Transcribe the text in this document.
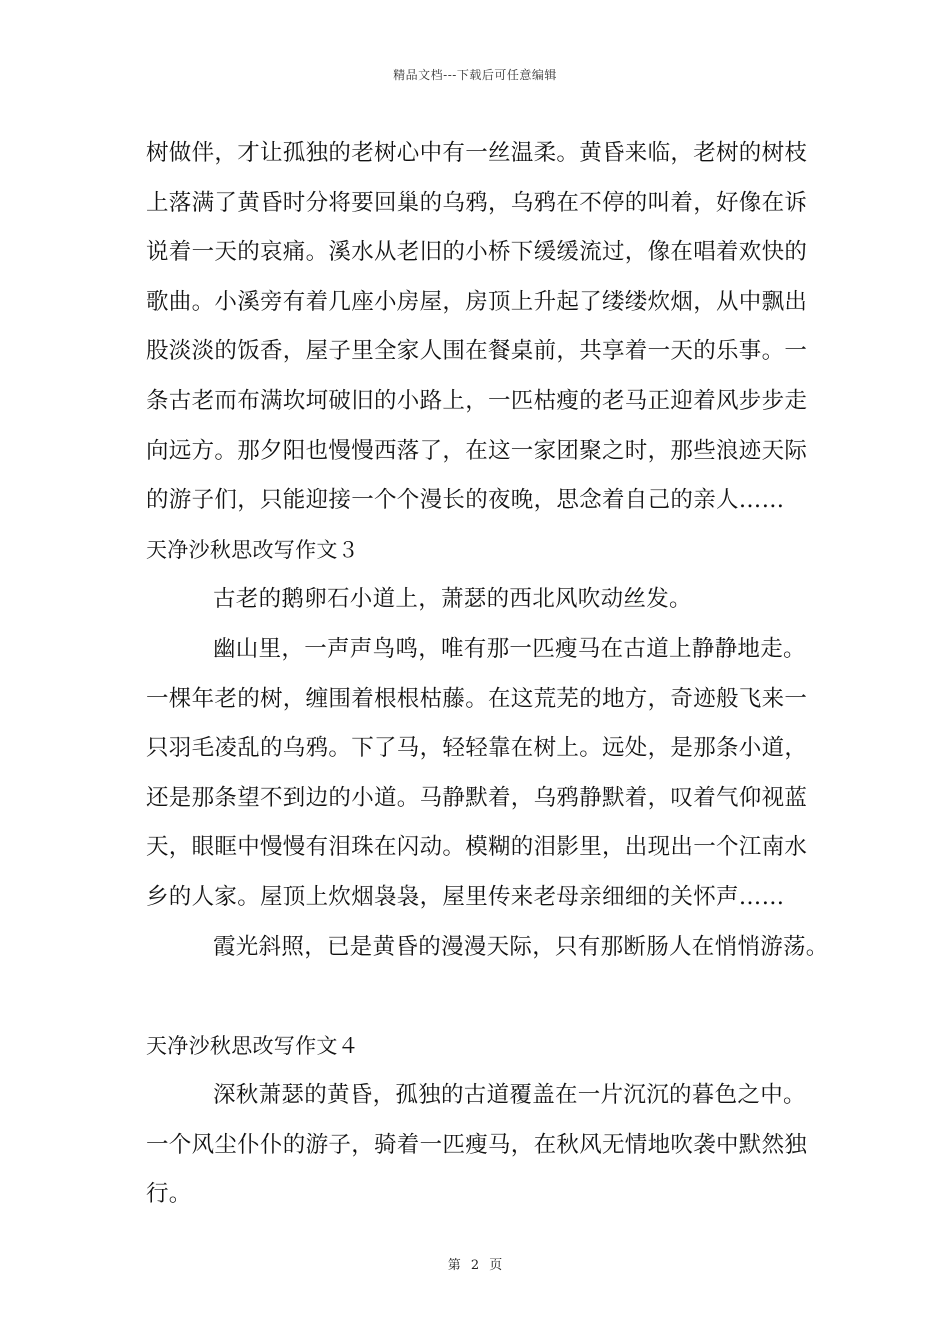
精品文档---下载后可任意编辑
树做伴，才让孤独的老树心中有一丝温柔。黄昏来临，老树的树枝
上落满了黄昏时分将要回巢的乌鸦，乌鸦在不停的叫着，好像在诉
说着一天的哀痛。溪水从老旧的小桥下缓缓流过，像在唱着欢快的
歌曲。小溪旁有着几座小房屋，房顶上升起了缕缕炊烟，从中飘出
股淡淡的饭香，屋子里全家人围在餐桌前，共享着一天的乐事。一
条古老而布满坎坷破旧的小路上，一匹枯瘦的老马正迎着风步步走
向远方。那夕阳也慢慢西落了，在这一家团聚之时，那些浪迹天际
的游子们，只能迎接一个个漫长的夜晚，思念着自己的亲人……
天净沙秋思改写作文３
古老的鹅卵石小道上，萧瑟的西北风吹动丝发。
幽山里，一声声鸟鸣，唯有那一匹瘦马在古道上静静地走。
一棵年老的树，缠围着根根枯藤。在这荒芜的地方，奇迹般飞来一
只羽毛凌乱的乌鸦。下了马，轻轻靠在树上。远处，是那条小道，
还是那条望不到边的小道。马静默着，乌鸦静默着，叹着气仰视蓝
天，眼眶中慢慢有泪珠在闪动。模糊的泪影里，出现出一个江南水
乡的人家。屋顶上炊烟袅袅，屋里传来老母亲细细的关怀声……
霞光斜照，已是黄昏的漫漫天际，只有那断肠人在悄悄游荡。
天净沙秋思改写作文４
深秋萧瑟的黄昏，孤独的古道覆盖在一片沉沉的暮色之中。
一个风尘仆仆的游子，骑着一匹瘦马，在秋风无情地吹袭中默然独
行。
第 2 页
